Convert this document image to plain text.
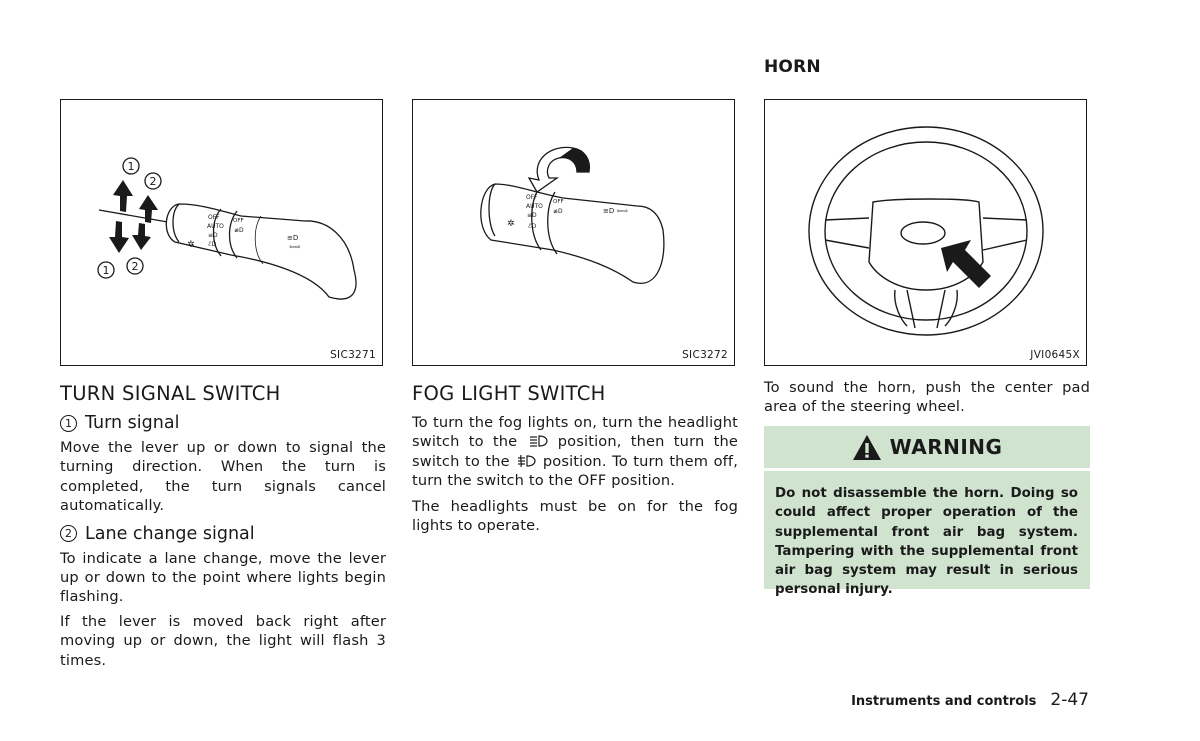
HORN
OFF
AUTO
≡D
ℰD
OFF
≢D
✲
≡D
⇦⇨
1
2
1 2
SIC3271
OFF
AUTO
≡D
ℰD
OFF
≢D
✲
≡D ⇦⇨
SIC3272	JVI0645X
TURN SIGNAL SWITCH
1 Turn signal

Move the lever up or down to signal the turning direction. When the turn is completed, the turn signals cancel automatically.

2 Lane change signal

To indicate a lane change, move the lever up or down to the point where lights begin flashing.

If the lever is moved back right after moving up or down, the light will flash 3 times.

FOG LIGHT SWITCH

To turn the fog lights on, turn the headlight switch to the	position, then turn the switch to the position. To turn them off, turn the switch to the OFF position.

The headlights must be on for the fog lights to operate.

To sound the horn, push the center pad area of the steering wheel.

WARNING
Do not disassemble the horn. Doing so could affect proper operation of the supplemental front air bag system. Tampering with the supplemental front air bag system may result in serious personal injury.
Instruments and controls 2-47
